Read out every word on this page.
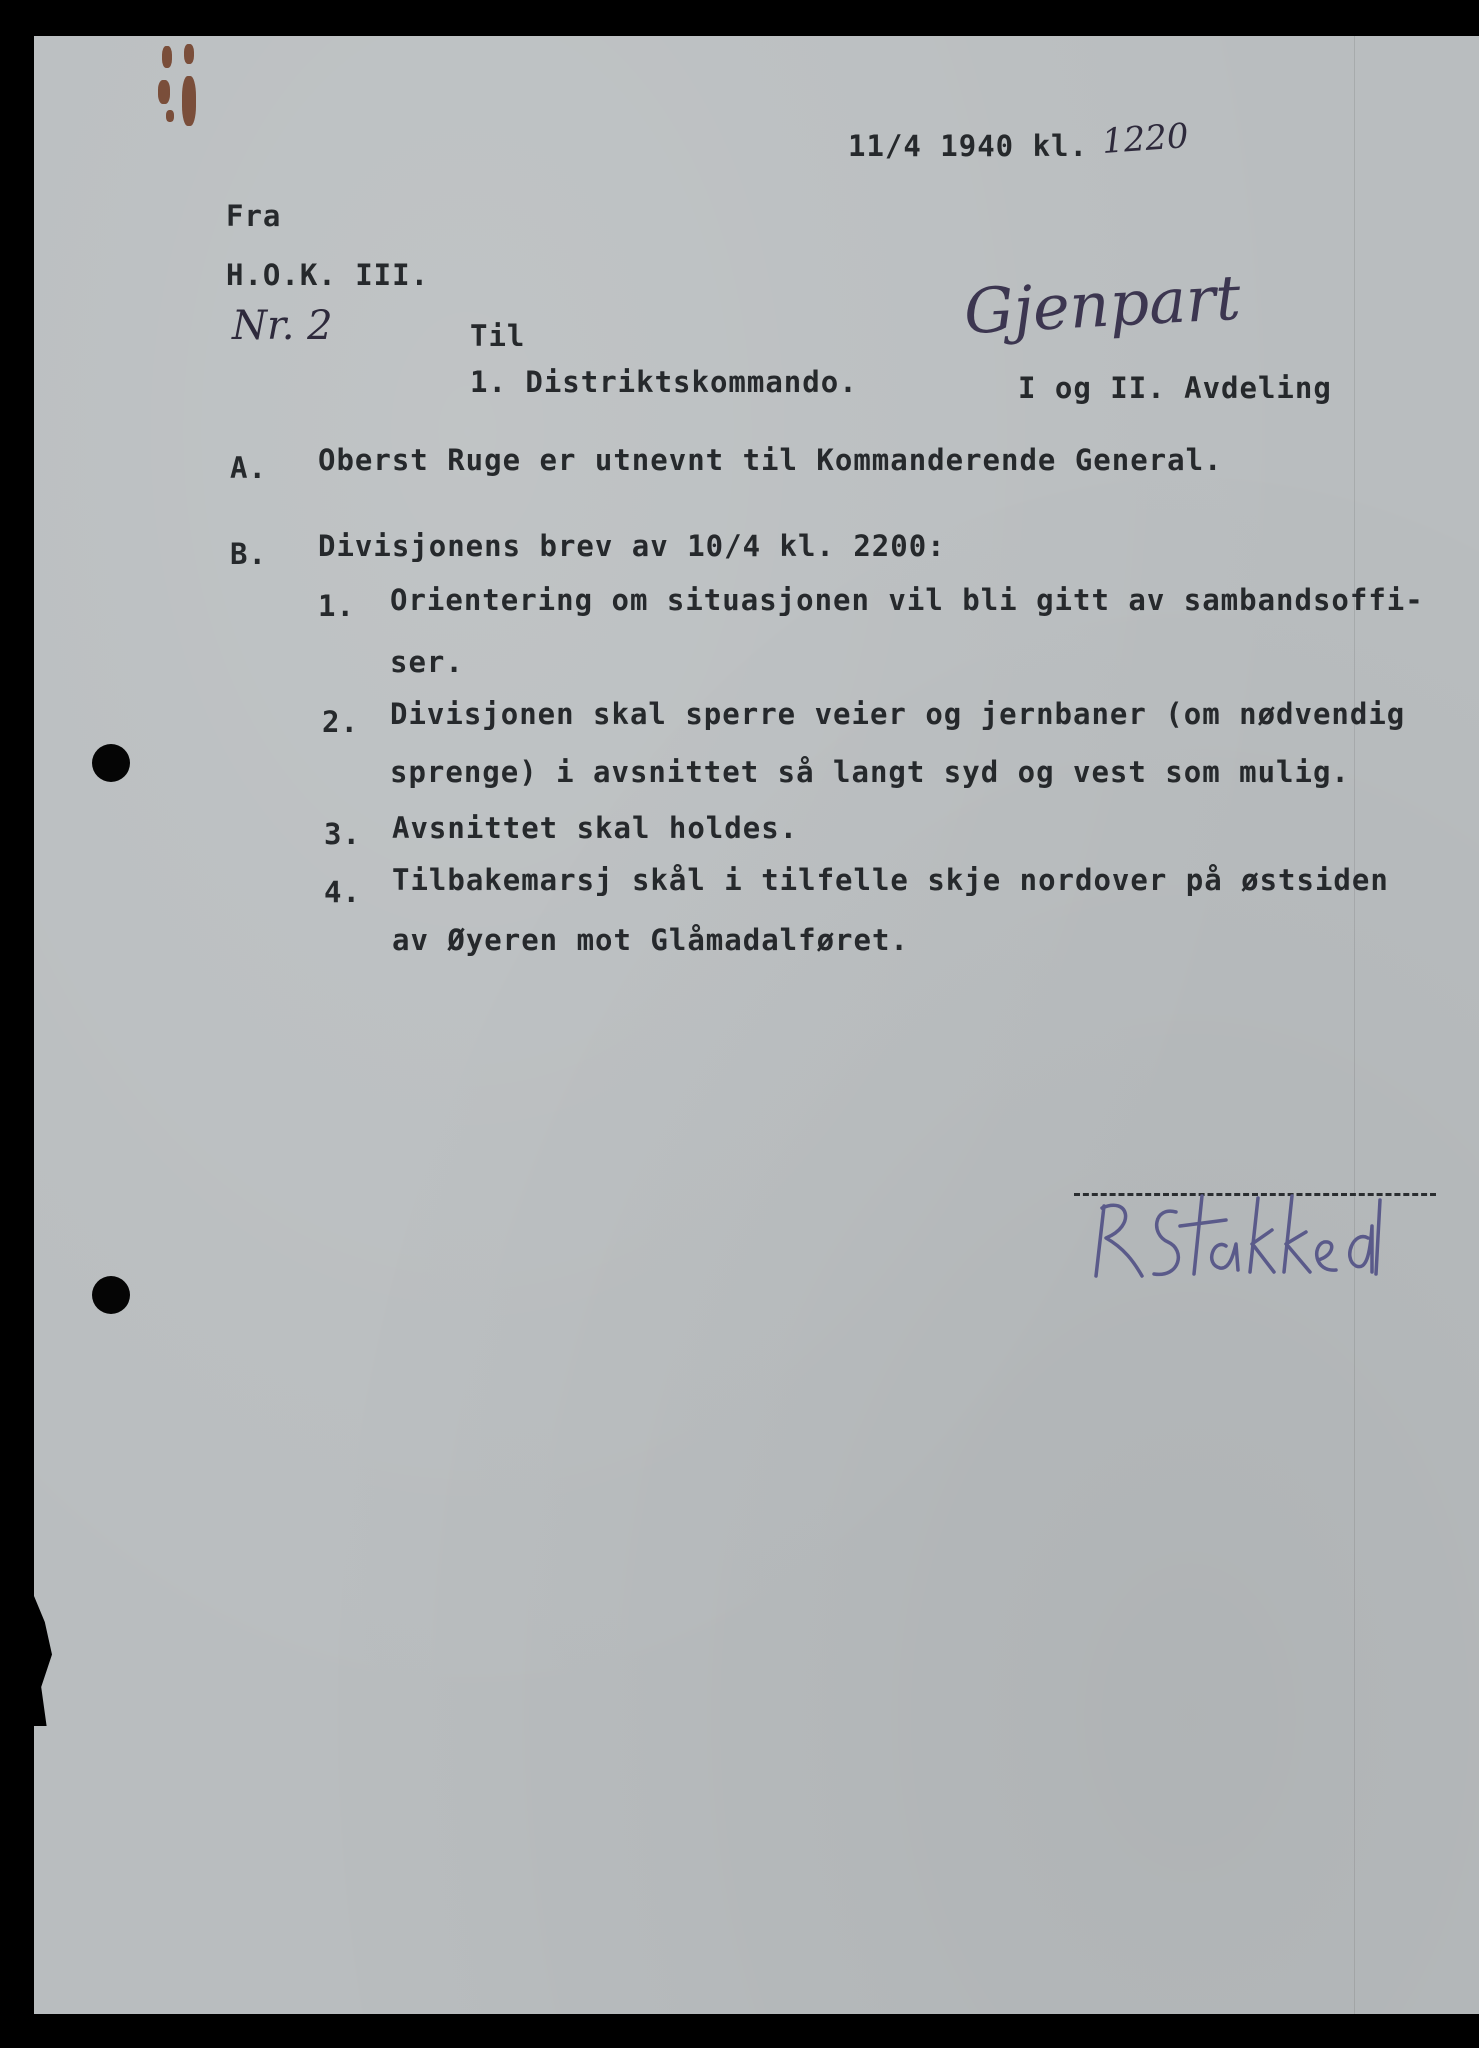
11/4 1940 kl. 1220
Fra
H.O.K. III.
Nr. 2	Gjenpart
Til
1. Distriktskommando.	I og II. Avdeling
A. Oberst Ruge er utnevnt til Kommanderende General.
B. Divisjonens brev av 10/4 kl. 2200:
1. Orientering om situasjonen vil bli gitt av sambandsoffi-
ser.
2. Divisjonen skal sperre veier og jernbaner (om nødvendig
sprenge) i avsnittet så langt syd og vest som mulig.
3. Avsnittet skal holdes.
4. Tilbakemarsj skål i tilfelle skje nordover på østsiden
av Øyeren mot Glåmadalføret.
